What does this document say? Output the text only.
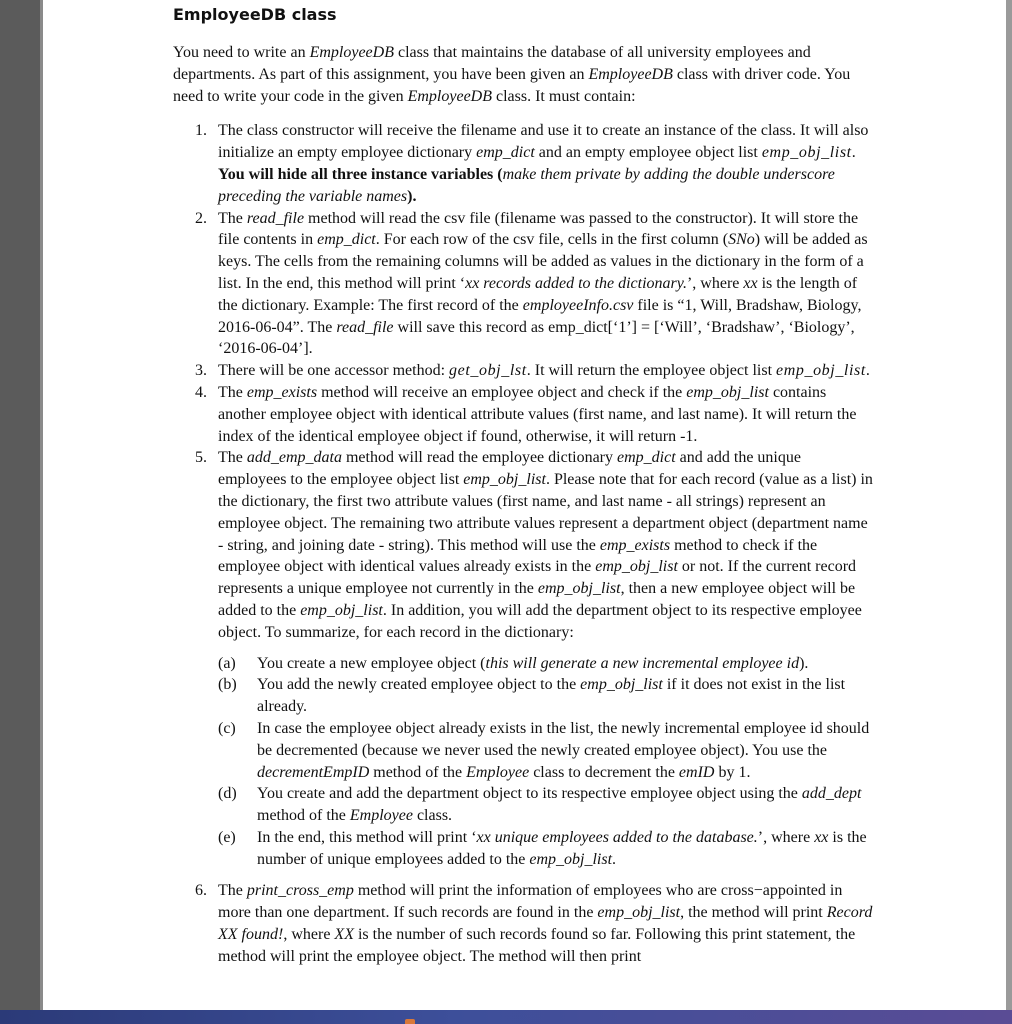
EmployeeDB class

You need to write an EmployeeDB class that maintains the database of all university employees and departments. As part of this assignment, you have been given an EmployeeDB class with driver code. You need to write your code in the given EmployeeDB class. It must contain:

1. The class constructor will receive the filename and use it to create an instance of the class. It will also initialize an empty employee dictionary emp_dict and an empty employee object list emp_obj_list. You will hide all three instance variables (make them private by adding the double underscore preceding the variable names).
2. The read_file method will read the csv file (filename was passed to the constructor). It will store the file contents in emp_dict. For each row of the csv file, cells in the first column (SNo) will be added as keys. The cells from the remaining columns will be added as values in the dictionary in the form of a list. In the end, this method will print ‘xx records added to the dictionary.’, where xx is the length of the dictionary. Example: The first record of the employeeInfo.csv file is “1, Will, Bradshaw, Biology, 2016-06-04”. The read_file will save this record as emp_dict[‘1’] = [‘Will’, ‘Bradshaw’, ‘Biology’, ‘2016-06-04’].
3. There will be one accessor method: get_obj_lst. It will return the employee object list emp_obj_list.
4. The emp_exists method will receive an employee object and check if the emp_obj_list contains another employee object with identical attribute values (first name, and last name). It will return the index of the identical employee object if found, otherwise, it will return -1.
5. The add_emp_data method will read the employee dictionary emp_dict and add the unique employees to the employee object list emp_obj_list. Please note that for each record (value as a list) in the dictionary, the first two attribute values (first name, and last name - all strings) represent an employee object. The remaining two attribute values represent a department object (department name - string, and joining date - string). This method will use the emp_exists method to check if the employee object with identical values already exists in the emp_obj_list or not. If the current record represents a unique employee not currently in the emp_obj_list, then a new employee object will be added to the emp_obj_list. In addition, you will add the department object to its respective employee object. To summarize, for each record in the dictionary:
(a) You create a new employee object (this will generate a new incremental employee id).
(b) You add the newly created employee object to the emp_obj_list if it does not exist in the list already.
(c) In case the employee object already exists in the list, the newly incremental employee id should be decremented (because we never used the newly created employee object). You use the decrementEmpID method of the Employee class to decrement the emID by 1.
(d) You create and add the department object to its respective employee object using the add_dept method of the Employee class.
(e) In the end, this method will print ‘xx unique employees added to the database.’, where xx is the number of unique employees added to the emp_obj_list.
6. The print_cross_emp method will print the information of employees who are cross−appointed in more than one department. If such records are found in the emp_obj_list, the method will print Record XX found!, where XX is the number of such records found so far. Following this print statement, the method will print the employee object. The method will then print
